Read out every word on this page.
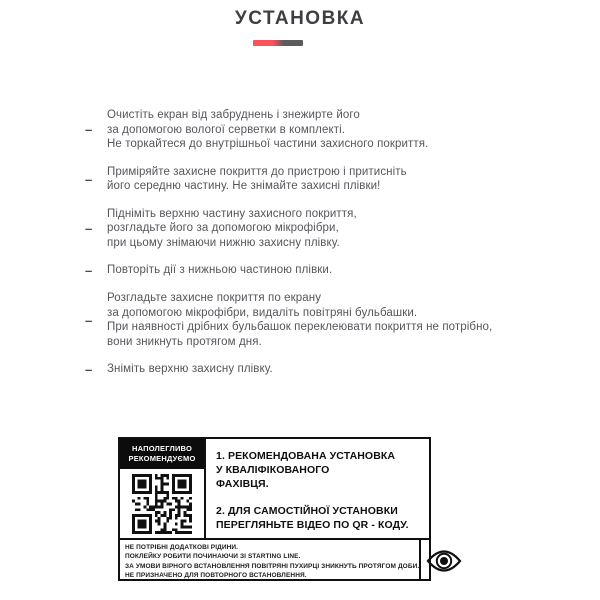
УСТАНОВКА
–
Очистіть екран від забруднень і знежирте його
за допомогою вологої серветки в комплекті.
Не торкайтеся до внутрішньої частини захисного покриття.
–	Приміряйте захисне покриття до пристрою і притисніть
його середню частину. Не знімайте захисні плівки!
–
Підніміть верхню частину захисного покриття,
розгладьте його за допомогою мікрофібри,
при цьому знімаючи нижню захисну плівку.
–	Повторіть дії з нижньою частиною плівки.
–
Розгладьте захисне покриття по екрану
за допомогою мікрофібри, видаліть повітряні бульбашки.
При наявності дрібних бульбашок переклеювати покриття не потрібно,
вони зникнуть протягом дня.
–	Зніміть верхню захисну плівку.
НАПОЛЕГЛИВО
РЕКОМЕНДУЄМО	1. РЕКОМЕНДОВАНА УСТАНОВКА
У КВАЛІФІКОВАНОГО
ФАХІВЦЯ.
2. ДЛЯ САМОСТІЙНОЇ УСТАНОВКИ
ПЕРЕГЛЯНЬТЕ ВІДЕО ПО QR - КОДУ.
НЕ ПОТРІБНІ ДОДАТКОВІ РІДИНИ.
ПОКЛЕЙКУ РОБИТИ ПОЧИНАЮЧИ ЗІ STARTING LINE.
ЗА УМОВИ ВІРНОГО ВСТАНОВЛЕННЯ ПОВІТРЯНІ ПУХИРЦІ ЗНИКНУТЬ ПРОТЯГОМ ДОБИ.
НЕ ПРИЗНАЧЕНО ДЛЯ ПОВТОРНОГО ВСТАНОВЛЕННЯ.
